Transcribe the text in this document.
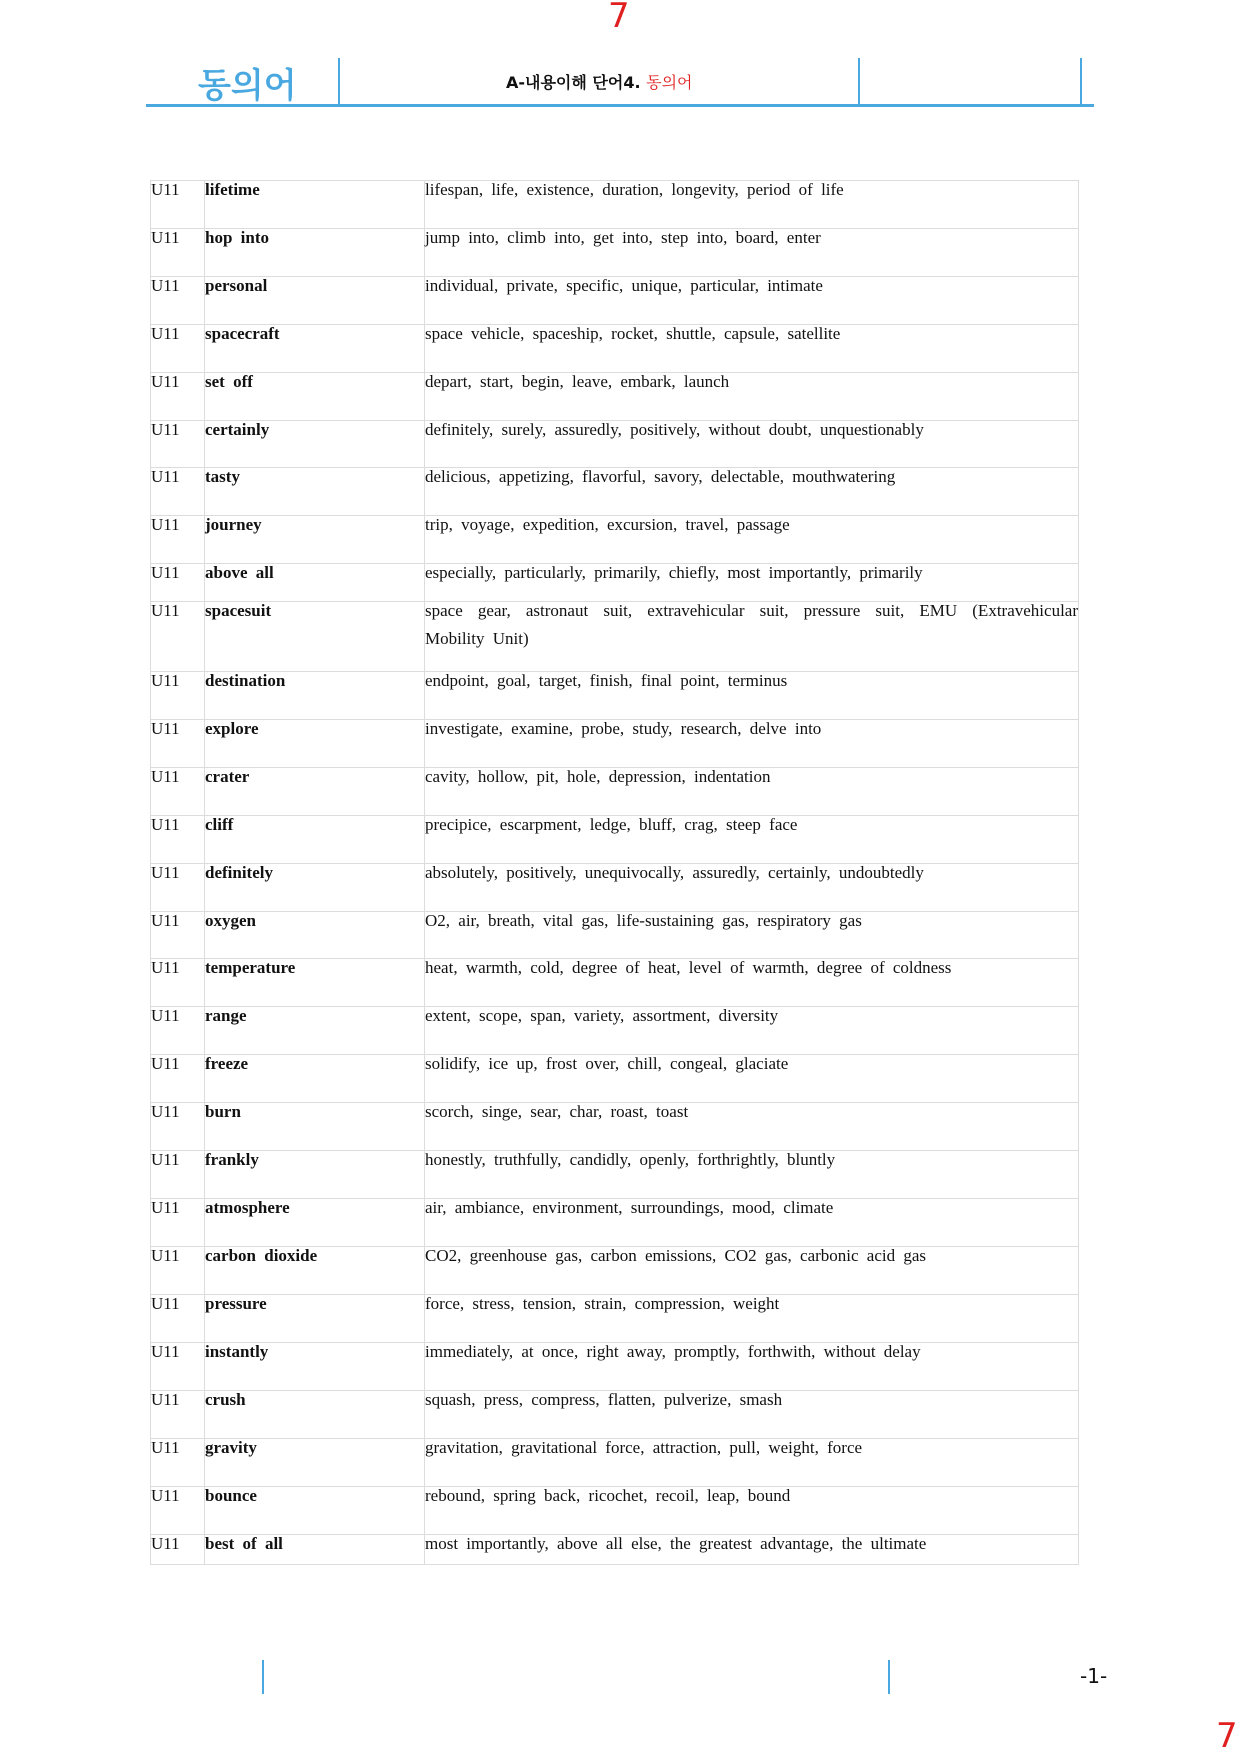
7
동의어	A-내용이해 단어4. 동의어
U11	lifetime	lifespan, life, existence, duration, longevity, period of life

U11	hop into	jump into, climb into, get into, step into, board, enter

U11	personal	individual, private, specific, unique, particular, intimate

U11	spacecraft	space vehicle, spaceship, rocket, shuttle, capsule, satellite

U11	set off	depart, start, begin, leave, embark, launch

U11	certainly	definitely, surely, assuredly, positively, without doubt, unquestionably

U11	tasty	delicious, appetizing, flavorful, savory, delectable, mouthwatering

U11	journey	trip, voyage, expedition, excursion, travel, passage

U11	above all	especially, particularly, primarily, chiefly, most importantly, primarily

U11	spacesuit	space gear, astronaut suit, extravehicular suit, pressure suit, EMU (Extravehicular Mobility Unit)

U11	destination	endpoint, goal, target, finish, final point, terminus

U11	explore	investigate, examine, probe, study, research, delve into

U11	crater	cavity, hollow, pit, hole, depression, indentation

U11	cliff	precipice, escarpment, ledge, bluff, crag, steep face

U11	definitely	absolutely, positively, unequivocally, assuredly, certainly, undoubtedly

U11	oxygen	O2, air, breath, vital gas, life-sustaining gas, respiratory gas

U11	temperature	heat, warmth, cold, degree of heat, level of warmth, degree of coldness

U11	range	extent, scope, span, variety, assortment, diversity

U11	freeze	solidify, ice up, frost over, chill, congeal, glaciate

U11	burn	scorch, singe, sear, char, roast, toast

U11	frankly	honestly, truthfully, candidly, openly, forthrightly, bluntly

U11	atmosphere	air, ambiance, environment, surroundings, mood, climate

U11	carbon dioxide	CO2, greenhouse gas, carbon emissions, CO2 gas, carbonic acid gas

U11	pressure	force, stress, tension, strain, compression, weight

U11	instantly	immediately, at once, right away, promptly, forthwith, without delay

U11	crush	squash, press, compress, flatten, pulverize, smash

U11	gravity	gravitation, gravitational force, attraction, pull, weight, force

U11	bounce	rebound, spring back, ricochet, recoil, leap, bound

U11	best of all	most importantly, above all else, the greatest advantage, the ultimate
-1-
7
